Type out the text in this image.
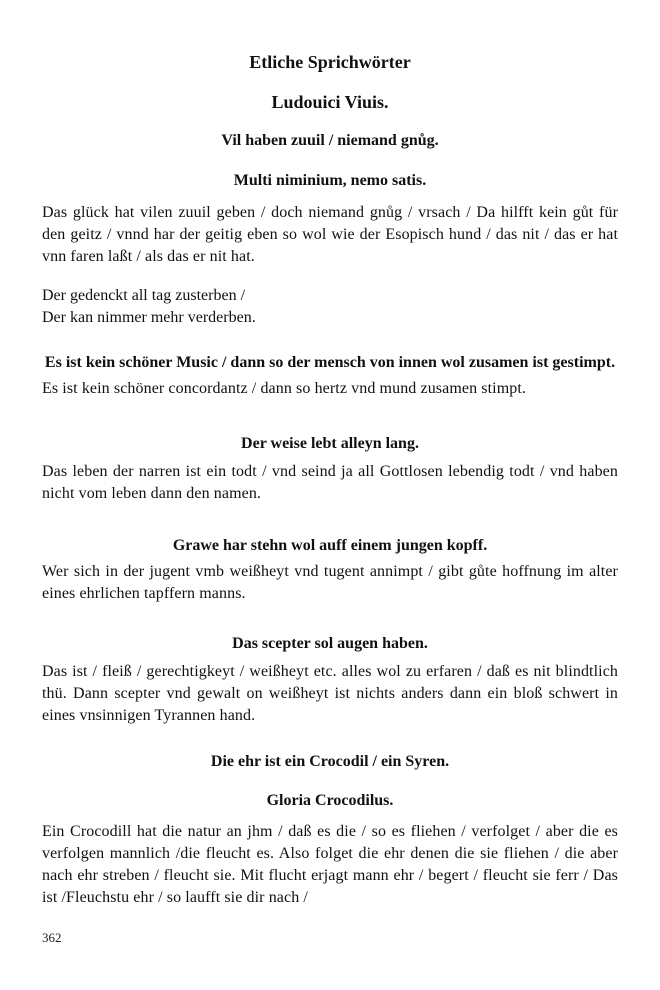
Etliche Sprichwörter
Ludouici Viuis.
Vil haben zuuil / niemand gnůg.
Multi niminium, nemo satis.

Das glück hat vilen zuuil geben / doch niemand gnůg / vrsach / Da hilfft kein gůt für den geitz / vnnd har der geitig eben so wol wie der Esopisch hund / das nit / das er hat vnn faren laßt / als das er nit hat.

Der gedenckt all tag zusterben /
Der kan nimmer mehr verderben.

Es ist kein schöner Music / dann so der mensch von innen wol zusamen ist gestimpt.

Es ist kein schöner concordantz / dann so hertz vnd mund zusamen stimpt.

Der weise lebt alleyn lang.

Das leben der narren ist ein todt / vnd seind ja all Gottlosen lebendig todt / vnd haben nicht vom leben dann den namen.

Grawe har stehn wol auff einem jungen kopff.

Wer sich in der jugent vmb weißheyt vnd tugent annimpt / gibt gůte hoffnung im alter eines ehrlichen tapffern manns.

Das scepter sol augen haben.

Das ist / fleiß / gerechtigkeyt / weißheyt etc. alles wol zu erfaren / daß es nit blindtlich thü. Dann scepter vnd gewalt on weißheyt ist nichts anders dann ein bloß schwert in eines vnsinnigen Tyrannen hand.

Die ehr ist ein Crocodil / ein Syren.
Gloria Crocodilus.

Ein Crocodill hat die natur an jhm / daß es die / so es fliehen / verfolget / aber die es verfolgen mannlich /die fleucht es. Also folget die ehr denen die sie fliehen / die aber nach ehr streben / fleucht sie. Mit flucht erjagt mann ehr / begert / fleucht sie ferr / Das ist /Fleuchstu ehr / so laufft sie dir nach /

362
